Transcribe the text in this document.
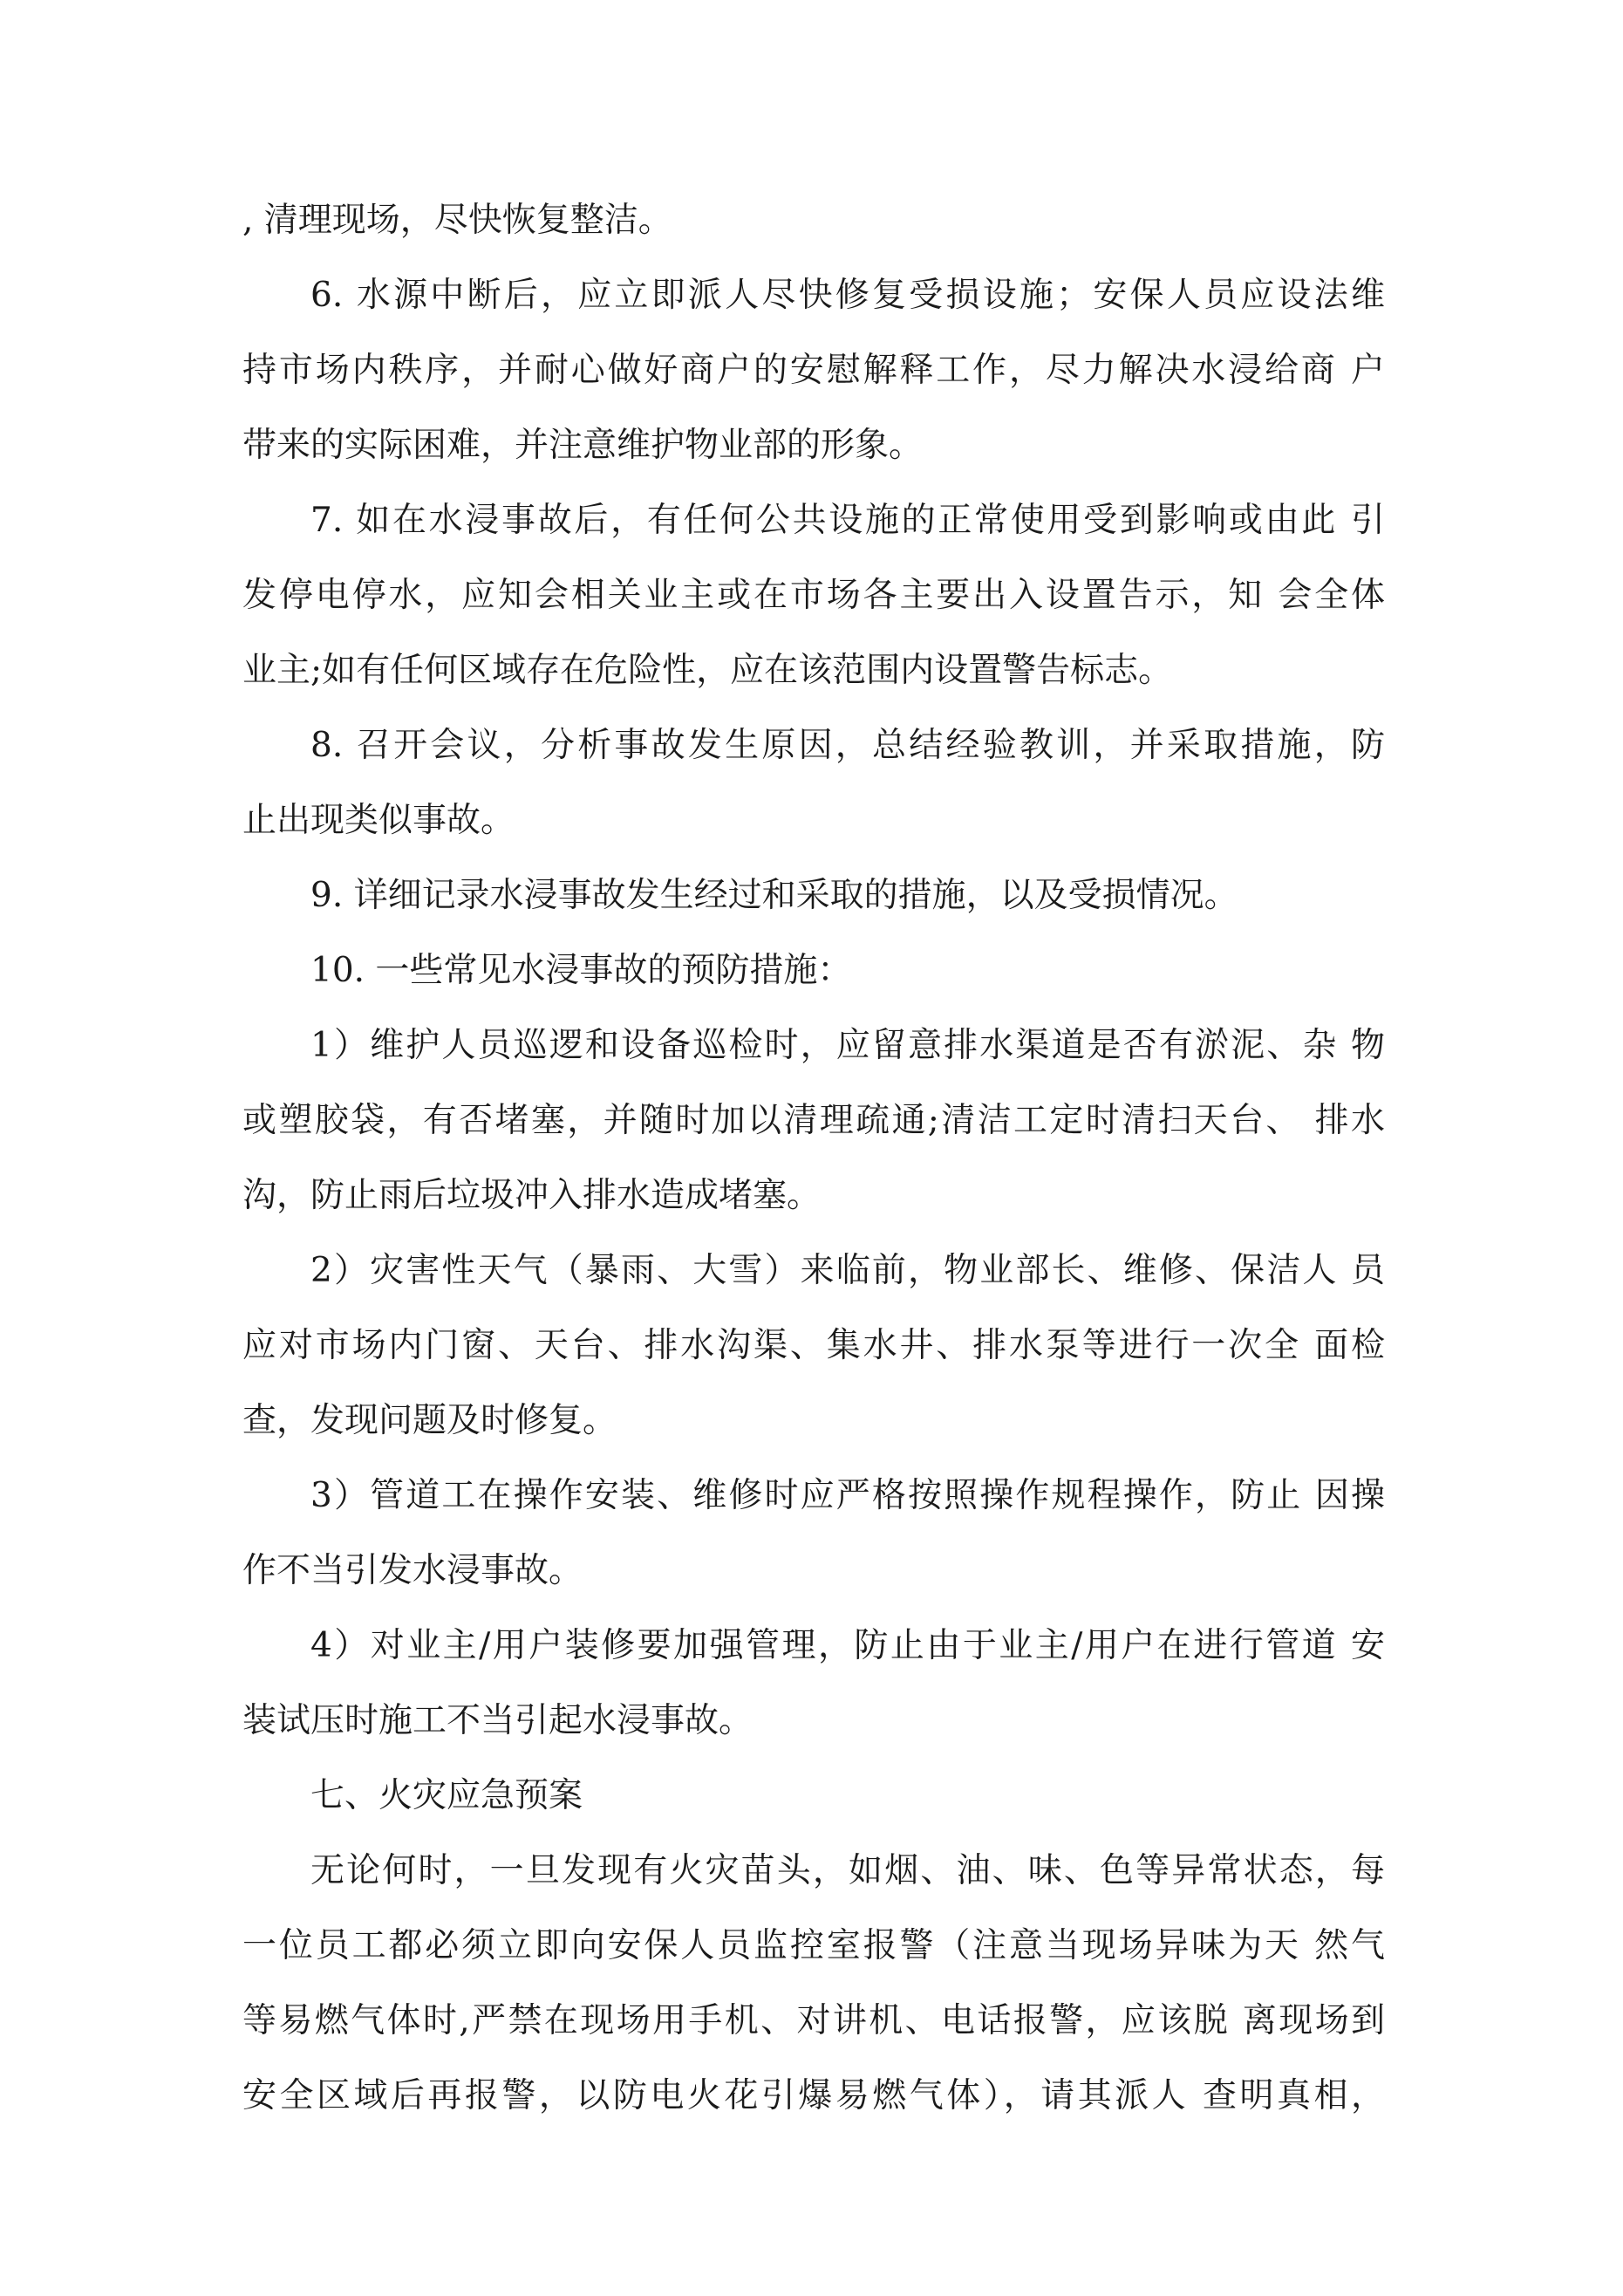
, 清理现场，尽快恢复整洁。
6. 水源中断后，应立即派人尽快修复受损设施；安保人员应设法维
持市场内秩序，并耐心做好商户的安慰解释工作，尽力解决水浸给商 户
带来的实际困难，并注意维护物业部的形象。
7. 如在水浸事故后，有任何公共设施的正常使用受到影响或由此 引
发停电停水，应知会相关业主或在市场各主要出入设置告示，知 会全体
业主;如有任何区域存在危险性，应在该范围内设置警告标志。
8. 召开会议，分析事故发生原因，总结经验教训，并采取措施，防
止出现类似事故。
9. 详细记录水浸事故发生经过和采取的措施，以及受损情况。
10. 一些常见水浸事故的预防措施：
1）维护人员巡逻和设备巡检时，应留意排水渠道是否有淤泥、杂 物
或塑胶袋，有否堵塞，并随时加以清理疏通;清洁工定时清扫天台、 排水
沟，防止雨后垃圾冲入排水造成堵塞。
2）灾害性天气（暴雨、大雪）来临前，物业部长、维修、保洁人 员
应对市场内门窗、天台、排水沟渠、集水井、排水泵等进行一次全 面检
查，发现问题及时修复。
3）管道工在操作安装、维修时应严格按照操作规程操作，防止 因操
作不当引发水浸事故。
4）对业主/用户装修要加强管理，防止由于业主/用户在进行管道 安
装试压时施工不当引起水浸事故。
七、火灾应急预案
无论何时，一旦发现有火灾苗头，如烟、油、味、色等异常状态，每
一位员工都必须立即向安保人员监控室报警（注意当现场异味为天 然气
等易燃气体时,严禁在现场用手机、对讲机、电话报警，应该脱 离现场到
安全区域后再报警，以防电火花引爆易燃气体），请其派人 查明真相，
